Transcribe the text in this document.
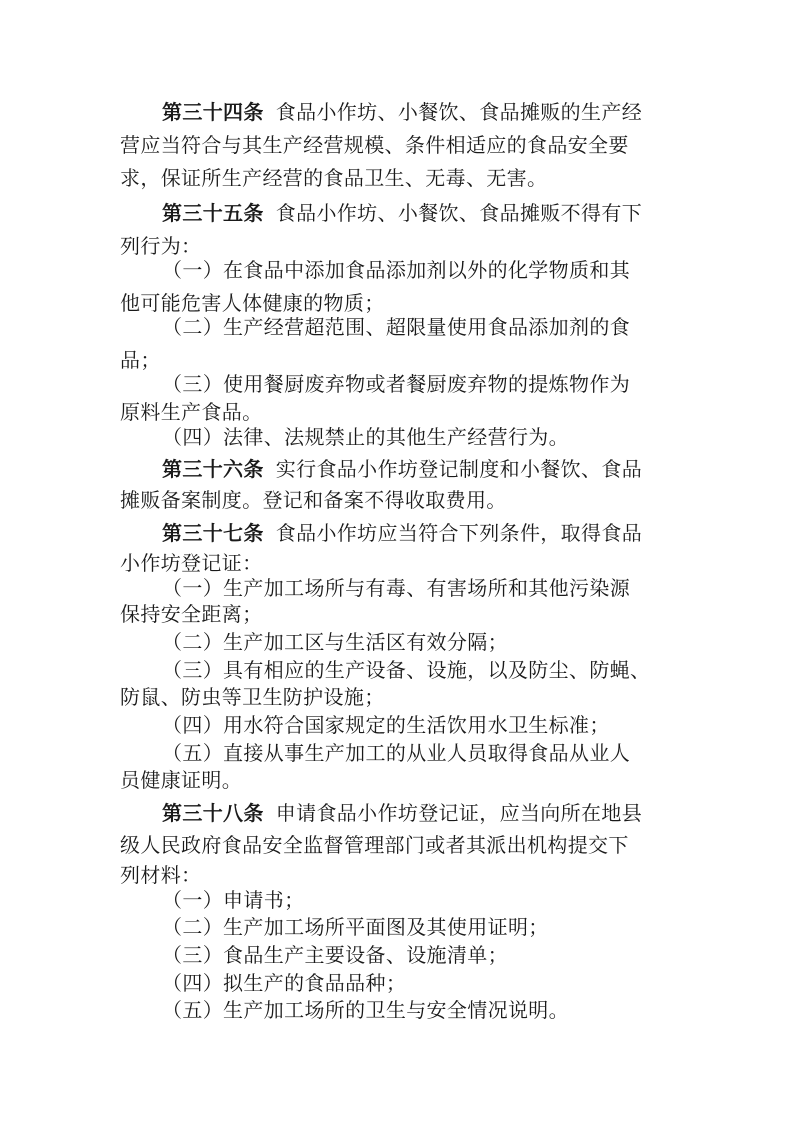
第三十四条 食品小作坊、小餐饮、食品摊贩的生产经
营应当符合与其生产经营规模、条件相适应的食品安全要
求，保证所生产经营的食品卫生、无毒、无害。
第三十五条 食品小作坊、小餐饮、食品摊贩不得有下
列行为：
（一）在食品中添加食品添加剂以外的化学物质和其
他可能危害人体健康的物质；
（二）生产经营超范围、超限量使用食品添加剂的食
品；
（三）使用餐厨废弃物或者餐厨废弃物的提炼物作为
原料生产食品。
（四）法律、法规禁止的其他生产经营行为。
第三十六条 实行食品小作坊登记制度和小餐饮、食品
摊贩备案制度。登记和备案不得收取费用。
第三十七条 食品小作坊应当符合下列条件，取得食品
小作坊登记证：
（一）生产加工场所与有毒、有害场所和其他污染源
保持安全距离；
（二）生产加工区与生活区有效分隔；
（三）具有相应的生产设备、设施，以及防尘、防蝇、
防鼠、防虫等卫生防护设施；
（四）用水符合国家规定的生活饮用水卫生标准；
（五）直接从事生产加工的从业人员取得食品从业人
员健康证明。
第三十八条 申请食品小作坊登记证，应当向所在地县
级人民政府食品安全监督管理部门或者其派出机构提交下
列材料：
（一）申请书；
（二）生产加工场所平面图及其使用证明；
（三）食品生产主要设备、设施清单；
（四）拟生产的食品品种；
（五）生产加工场所的卫生与安全情况说明。
